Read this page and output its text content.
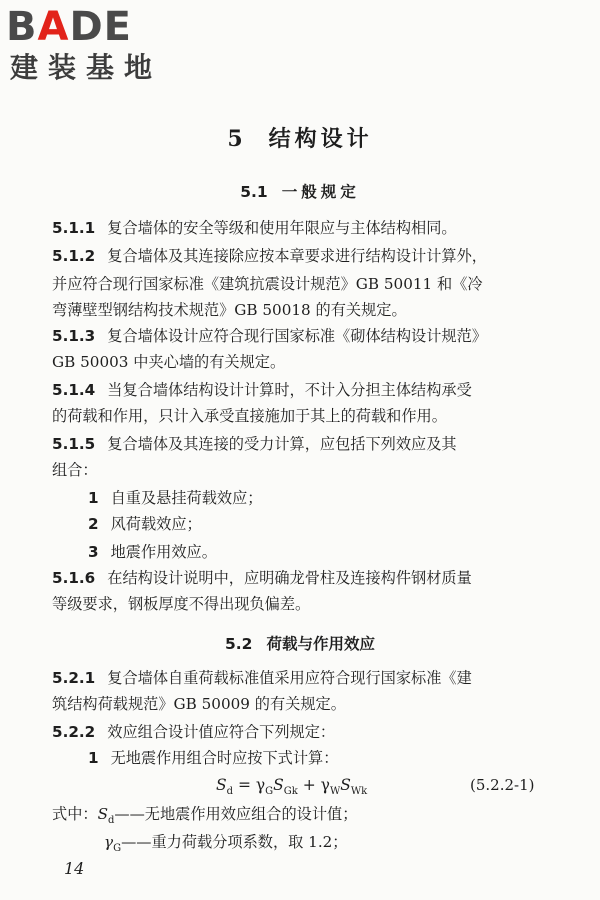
BADE
建装基地
5 结构设计
5.1 一般规定
5.1.1 复合墙体的安全等级和使用年限应与主体结构相同。
5.1.2 复合墙体及其连接除应按本章要求进行结构设计计算外，
并应符合现行国家标准《建筑抗震设计规范》GB 50011 和《冷
弯薄壁型钢结构技术规范》GB 50018 的有关规定。
5.1.3 复合墙体设计应符合现行国家标准《砌体结构设计规范》
GB 50003 中夹心墙的有关规定。
5.1.4 当复合墙体结构设计计算时，不计入分担主体结构承受
的荷载和作用，只计入承受直接施加于其上的荷载和作用。
5.1.5 复合墙体及其连接的受力计算，应包括下列效应及其
组合：
1 自重及悬挂荷载效应；
2 风荷载效应；
3 地震作用效应。
5.1.6 在结构设计说明中，应明确龙骨柱及连接构件钢材质量
等级要求，钢板厚度不得出现负偏差。
5.2 荷载与作用效应
5.2.1 复合墙体自重荷载标准值采用应符合现行国家标准《建
筑结构荷载规范》GB 50009 的有关规定。
5.2.2 效应组合设计值应符合下列规定：
1 无地震作用组合时应按下式计算：
$S_d = \gamma_GS_{Gk} + \gamma_WS_{Wk}$	(5.2.2-1)
式中：$S_d——$无地震作用效应组合的设计值；
$\gamma_G——$重力荷载分项系数，取 1.2；
14
